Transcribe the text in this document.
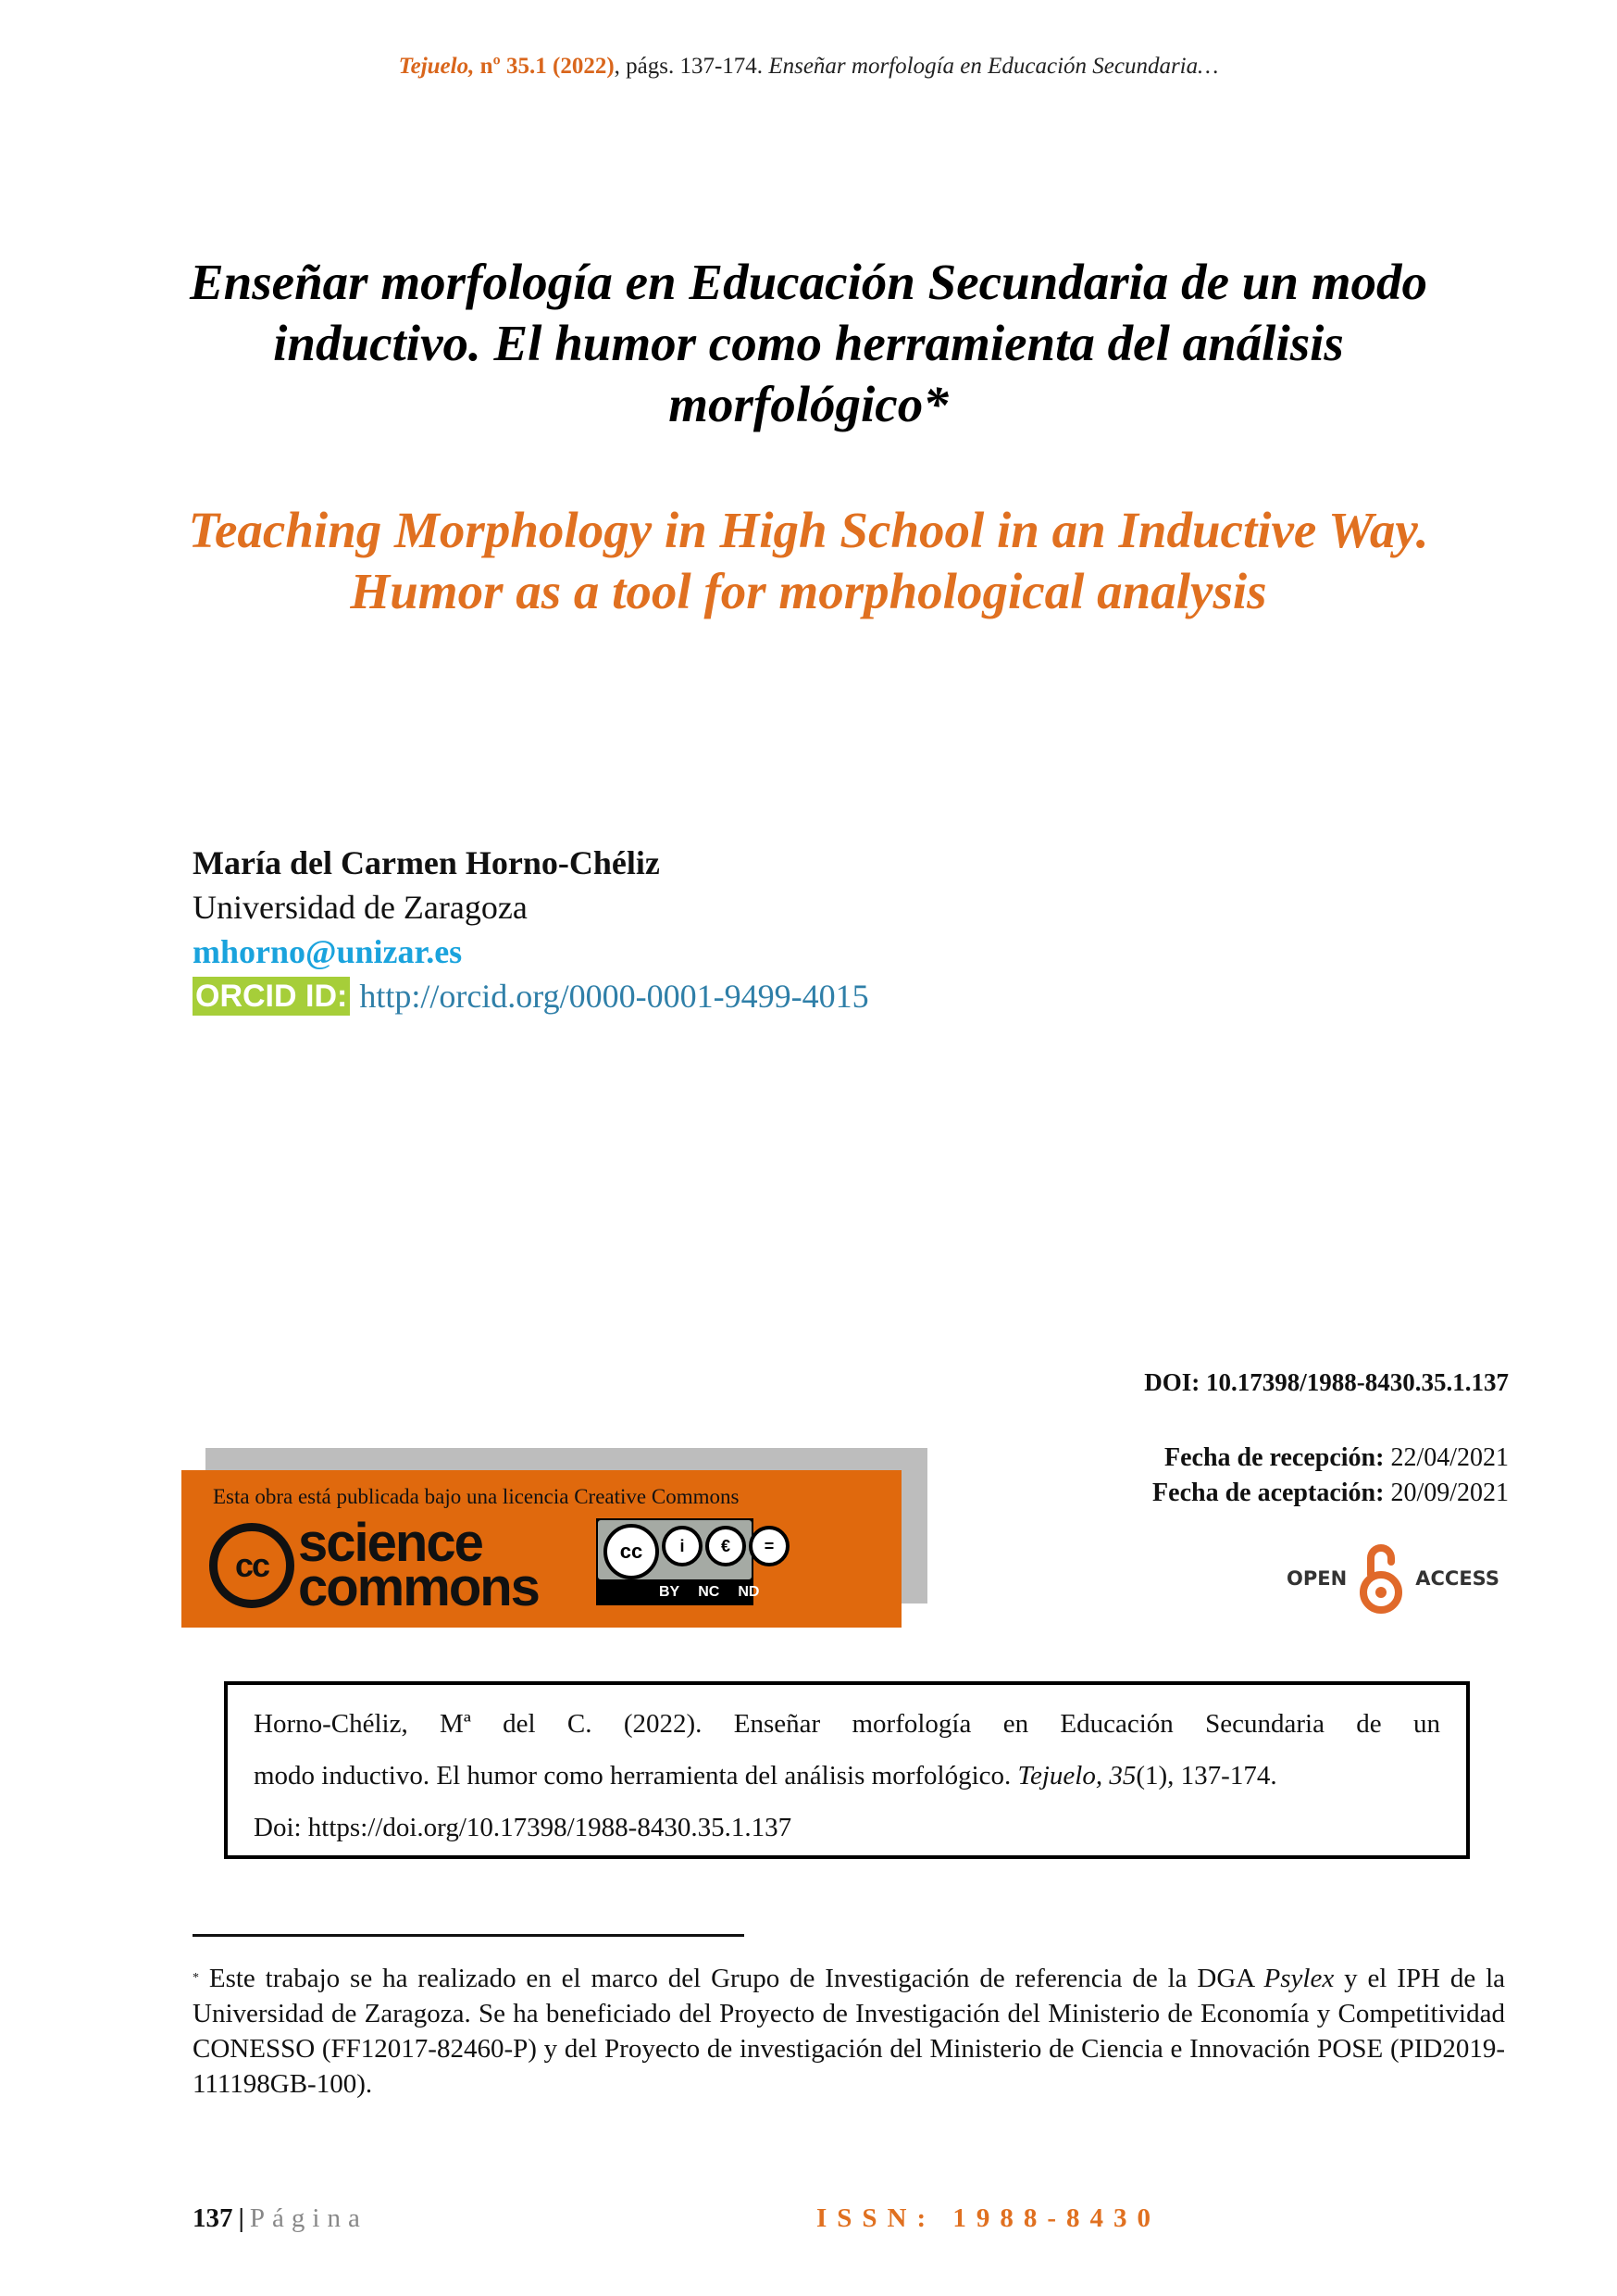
Tejuelo, nº 35.1 (2022), págs. 137-174. Enseñar morfología en Educación Secundaria…
Enseñar morfología en Educación Secundaria de un modo inductivo. El humor como herramienta del análisis morfológico*
Teaching Morphology in High School in an Inductive Way. Humor as a tool for morphological analysis
María del Carmen Horno-Chéliz
Universidad de Zaragoza
mhorno@unizar.es
ORCID ID: http://orcid.org/0000-0001-9499-4015
DOI: 10.17398/1988-8430.35.1.137
Fecha de recepción: 22/04/2021
Fecha de aceptación: 20/09/2021
OPEN	ACCESS
Esta obra está publicada bajo una licencia Creative Commons
cc science
commons
cc	i	€	=
BY NC ND
Horno-Chéliz, Mª del C. (2022). Enseñar morfología en Educación Secundaria de un
modo inductivo. El humor como herramienta del análisis morfológico. Tejuelo, 35(1), 137-174.
Doi: https://doi.org/10.17398/1988-8430.35.1.137
* Este trabajo se ha realizado en el marco del Grupo de Investigación de referencia de la DGA Psylex y el IPH de la Universidad de Zaragoza. Se ha beneficiado del Proyecto de Investigación del Ministerio de Economía y Competitividad CONESSO (FF12017-82460-P) y del Proyecto de investigación del Ministerio de Ciencia e Innovación POSE (PID2019-111198GB-100).
137 | Página	ISSN: 1988-8430
